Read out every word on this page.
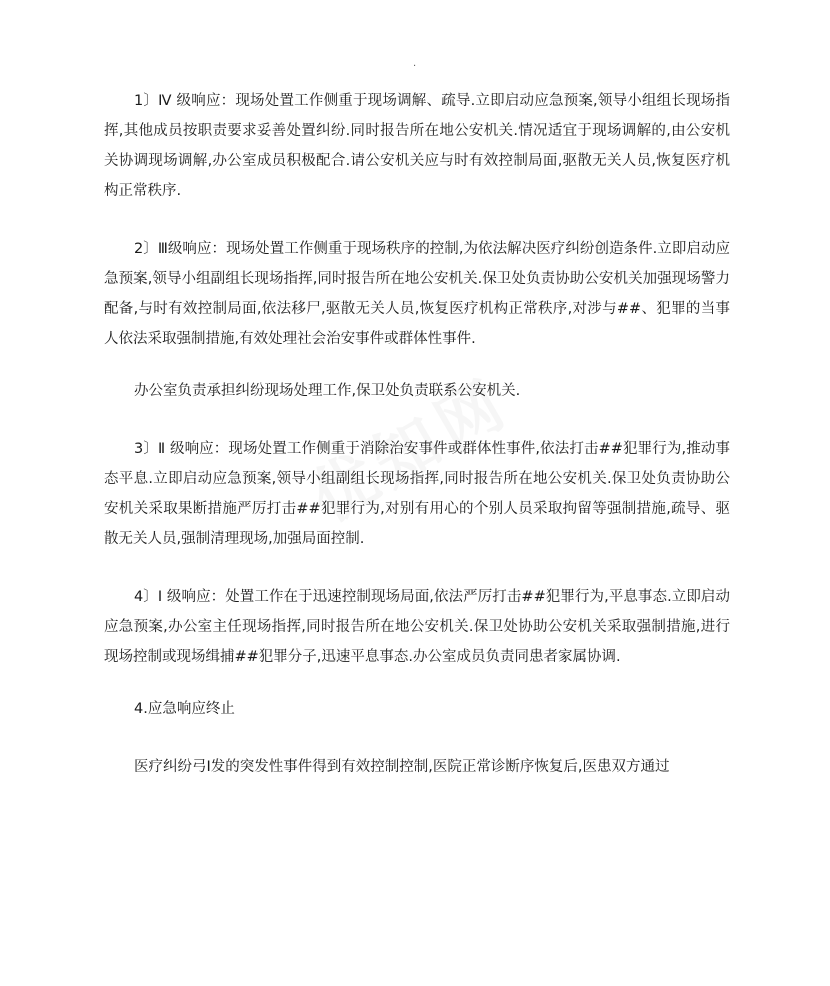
.

1〕Ⅳ 级响应：现场处置工作侧重于现场调解、疏导.立即启动应急预案,领导小组组长现场指挥,其他成员按职责要求妥善处置纠纷.同时报告所在地公安机关.情况适宜于现场调解的,由公安机关协调现场调解,办公室成员积极配合.请公安机关应与时有效控制局面,驱散无关人员,恢复医疗机构正常秩序.

2〕Ⅲ级响应：现场处置工作侧重于现场秩序的控制,为依法解决医疗纠纷创造条件.立即启动应急预案,领导小组副组长现场指挥,同时报告所在地公安机关.保卫处负责协助公安机关加强现场警力配备,与时有效控制局面,依法移尸,驱散无关人员,恢复医疗机构正常秩序,对涉与##、犯罪的当事人依法采取强制措施,有效处理社会治安事件或群体性事件.

办公室负责承担纠纷现场处理工作,保卫处负责联系公安机关.

3〕Ⅱ 级响应：现场处置工作侧重于消除治安事件或群体性事件,依法打击##犯罪行为,推动事态平息.立即启动应急预案,领导小组副组长现场指挥,同时报告所在地公安机关.保卫处负责协助公安机关采取果断措施严厉打击##犯罪行为,对别有用心的个别人员采取拘留等强制措施,疏导、驱散无关人员,强制清理现场,加强局面控制.

4〕Ⅰ 级响应：处置工作在于迅速控制现场局面,依法严厉打击##犯罪行为,平息事态.立即启动应急预案,办公室主任现场指挥,同时报告所在地公安机关.保卫处协助公安机关采取强制措施,进行现场控制或现场缉捕##犯罪分子,迅速平息事态.办公室成员负责同患者家属协调.

4.应急响应终止

医疗纠纷弓Ⅰ发的突发性事件得到有效控制控制,医院正常诊断序恢复后,医患双方通过
